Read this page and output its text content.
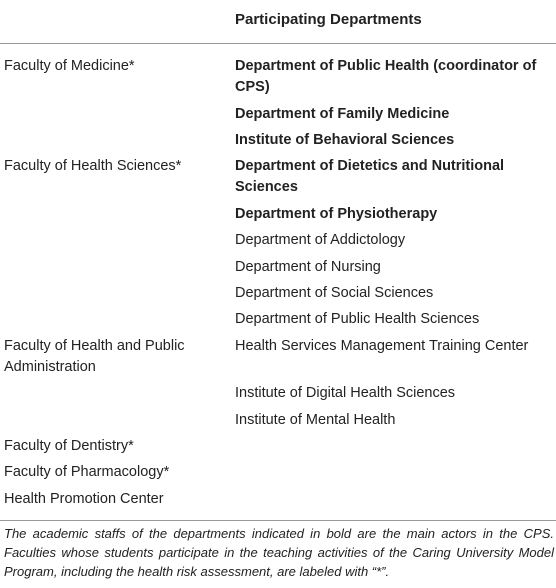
Participating Departments
Faculty of Medicine*	Department of Public Health (coordinator of CPS)
Department of Family Medicine
Institute of Behavioral Sciences
Faculty of Health Sciences*	Department of Dietetics and Nutritional Sciences
Department of Physiotherapy
Department of Addictology
Department of Nursing
Department of Social Sciences
Department of Public Health Sciences
Faculty of Health and Public Administration
Health Services Management Training Center
Institute of Digital Health Sciences
Institute of Mental Health
Faculty of Dentistry*
Faculty of Pharmacology*
Health Promotion Center
The academic staffs of the departments indicated in bold are the main actors in the CPS. Faculties whose students participate in the teaching activities of the Caring University Model Program, including the health risk assessment, are labeled with “*”.
